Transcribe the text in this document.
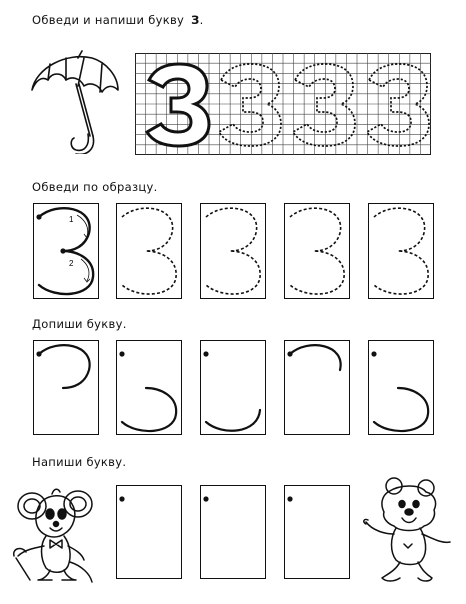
Обведи и напиши букву З.
Обведи по образцу.
1
2
Допиши букву.
Напиши букву.
